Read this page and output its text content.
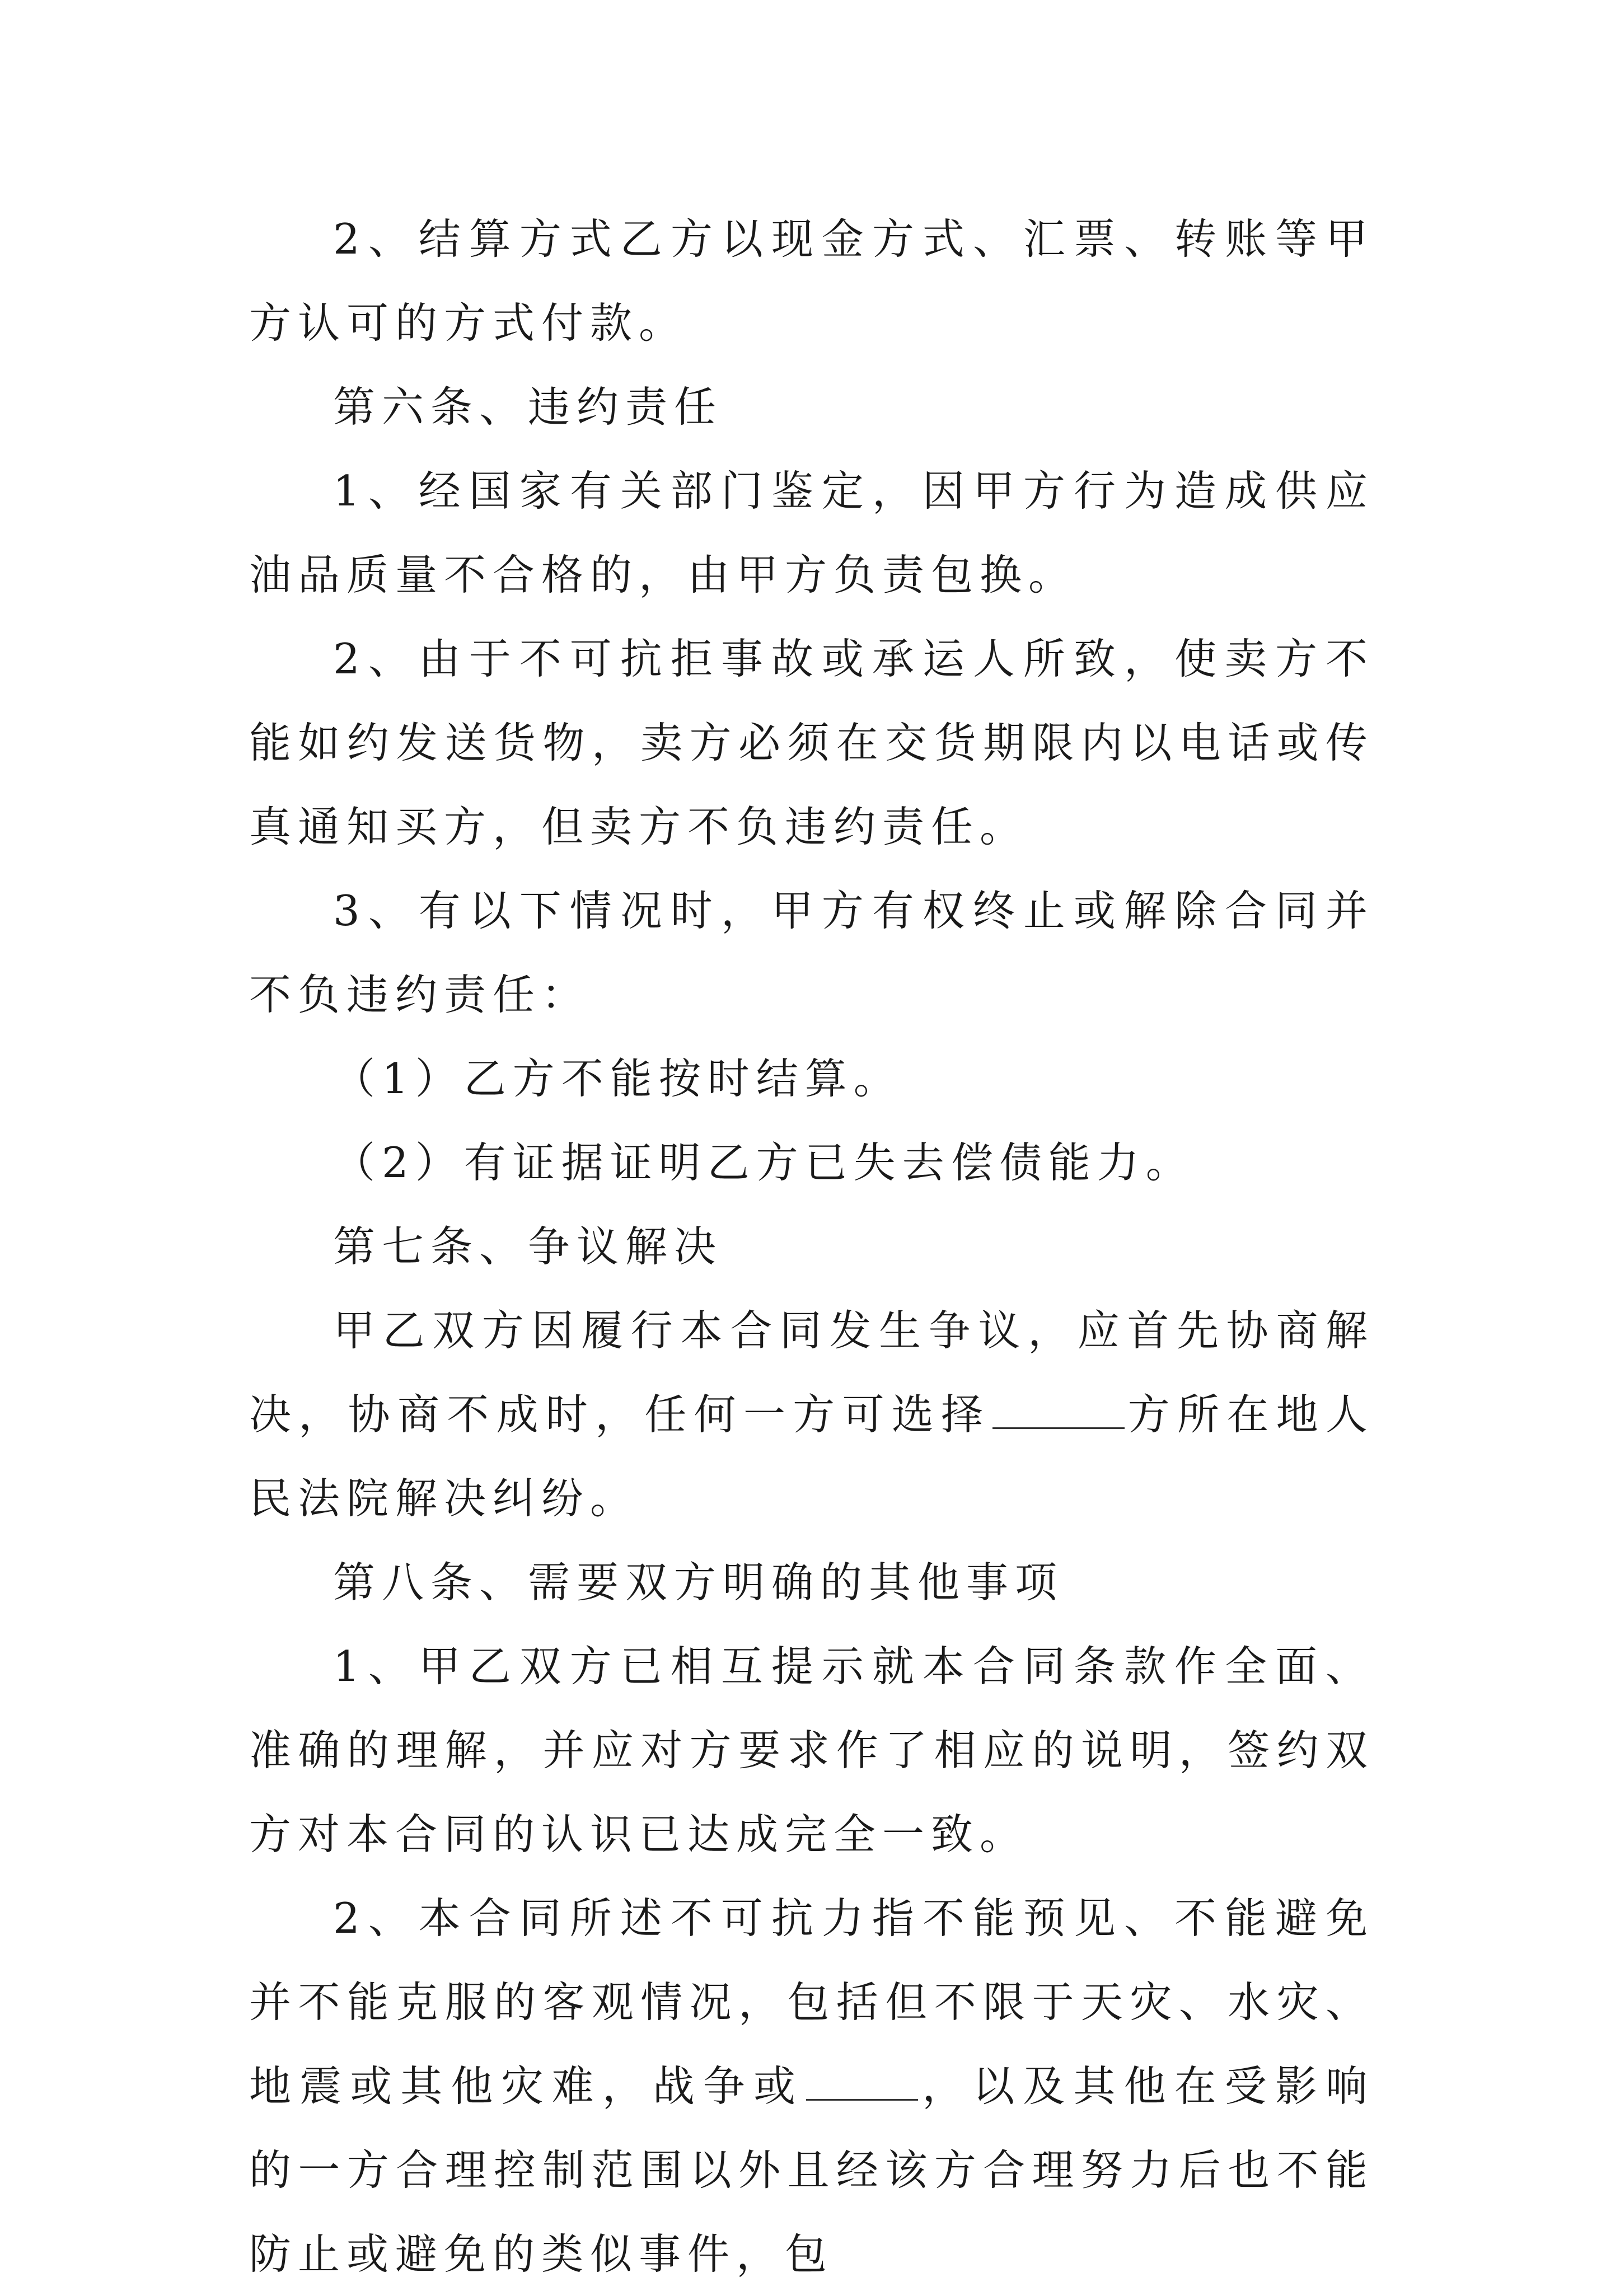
2、结算方式乙方以现金方式、汇票、转账等甲方认可的方式付款。

第六条、违约责任

1、经国家有关部门鉴定，因甲方行为造成供应油品质量不合格的，由甲方负责包换。

2、由于不可抗拒事故或承运人所致，使卖方不能如约发送货物，卖方必须在交货期限内以电话或传真通知买方，但卖方不负违约责任。

3、有以下情况时，甲方有权终止或解除合同并不负违约责任：

（1）乙方不能按时结算。

（2）有证据证明乙方已失去偿债能力。

第七条、争议解决

甲乙双方因履行本合同发生争议，应首先协商解决，协商不成时，任何一方可选择	方所在地人民法院解决纠纷。

第八条、需要双方明确的其他事项

1、甲乙双方已相互提示就本合同条款作全面、准确的理解，并应对方要求作了相应的说明，签约双方对本合同的认识已达成完全一致。

2、本合同所述不可抗力指不能预见、不能避免并不能克服的客观情况，包括但不限于天灾、水灾、地震或其他灾难，战争或	，以及其他在受影响的一方合理控制范围以外且经该方合理努力后也不能防止或避免的类似事件，包
